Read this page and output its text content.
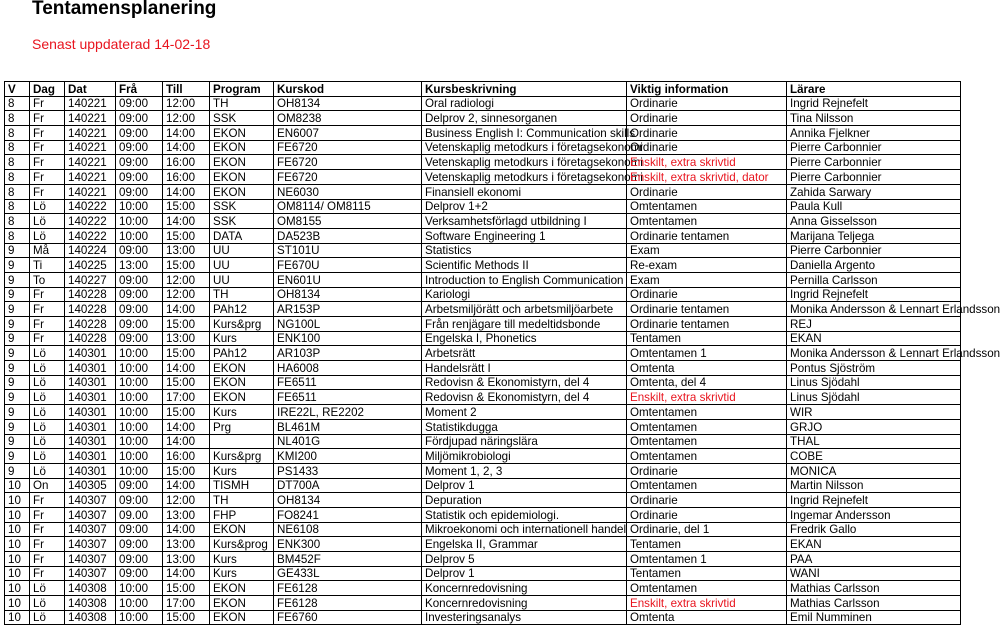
Tentamensplanering

Senast uppdaterad 14-02-18

V	Dag	Dat	Frå	Till	Program	Kurskod	Kursbeskrivning	Viktig information	Lärare
8	Fr	140221	09:00	12:00	TH	OH8134	Oral radiologi	Ordinarie	Ingrid Rejnefelt
8	Fr	140221	09:00	12:00	SSK	OM8238	Delprov 2, sinnesorganen	Ordinarie	Tina Nilsson
8	Fr	140221	09:00	14:00	EKON	EN6007	Business English I: Communication skills	Ordinarie	Annika Fjelkner
8	Fr	140221	09:00	14:00	EKON	FE6720	Vetenskaplig metodkurs i företagsekonomi	Ordinarie	Pierre Carbonnier
8	Fr	140221	09:00	16:00	EKON	FE6720	Vetenskaplig metodkurs i företagsekonomi	Enskilt, extra skrivtid	Pierre Carbonnier
8	Fr	140221	09:00	16:00	EKON	FE6720	Vetenskaplig metodkurs i företagsekonomi	Enskilt, extra skrivtid, dator	Pierre Carbonnier
8	Fr	140221	09:00	14:00	EKON	NE6030	Finansiell ekonomi	Ordinarie	Zahida Sarwary
8	Lö	140222	10:00	15:00	SSK	OM8114/ OM8115	Delprov 1+2	Omtentamen	Paula Kull
8	Lö	140222	10:00	14:00	SSK	OM8155	Verksamhetsförlagd utbildning I	Omtentamen	Anna Gisselsson
8	Lö	140222	10:00	15:00	DATA	DA523B	Software Engineering 1	Ordinarie tentamen	Marijana Teljega
9	Må	140224	09:00	13:00	UU	ST101U	Statistics	Exam	Pierre Carbonnier
9	Ti	140225	13:00	15:00	UU	FE670U	Scientific Methods II	Re-exam	Daniella Argento
9	To	140227	09:00	12:00	UU	EN601U	Introduction to English Communication	Exam	Pernilla Carlsson
9	Fr	140228	09:00	12:00	TH	OH8134	Kariologi	Ordinarie	Ingrid Rejnefelt
9	Fr	140228	09:00	14:00	PAh12	AR153P	Arbetsmiljörätt och arbetsmiljöarbete	Ordinarie tentamen	Monika Andersson & Lennart Erlandsson
9	Fr	140228	09:00	15:00	Kurs&prg	NG100L	Från renjägare till medeltidsbonde	Ordinarie tentamen	REJ
9	Fr	140228	09:00	13:00	Kurs	ENK100	Engelska I, Phonetics	Tentamen	EKAN
9	Lö	140301	10:00	15:00	PAh12	AR103P	Arbetsrätt	Omtentamen 1	Monika Andersson & Lennart Erlandsson
9	Lö	140301	10:00	14:00	EKON	HA6008	Handelsrätt I	Omtenta	Pontus Sjöström
9	Lö	140301	10:00	15:00	EKON	FE6511	Redovisn & Ekonomistyrn, del 4	Omtenta, del 4	Linus Sjödahl
9	Lö	140301	10:00	17:00	EKON	FE6511	Redovisn & Ekonomistyrn, del 4	Enskilt, extra skrivtid	Linus Sjödahl
9	Lö	140301	10:00	15:00	Kurs	IRE22L, RE2202	Moment 2	Omtentamen	WIR
9	Lö	140301	10:00	14:00	Prg	BL461M	Statistikdugga	Omtentamen	GRJO
9	Lö	140301	10:00	14:00		NL401G	Fördjupad näringslära	Omtentamen	THAL
9	Lö	140301	10:00	16:00	Kurs&prg	KMI200	Miljömikrobiologi	Omtentamen	COBE
9	Lö	140301	10:00	15:00	Kurs	PS1433	Moment 1, 2, 3	Ordinarie	MONICA
10	On	140305	09:00	14:00	TISMH	DT700A	Delprov 1	Omtentamen	Martin Nilsson
10	Fr	140307	09:00	12:00	TH	OH8134	Depuration	Ordinarie	Ingrid Rejnefelt
10	Fr	140307	09.00	13:00	FHP	FO8241	Statistik och epidemiologi.	Ordinarie	Ingemar Andersson
10	Fr	140307	09:00	14:00	EKON	NE6108	Mikroekonomi och internationell handel	Ordinarie, del 1	Fredrik Gallo
10	Fr	140307	09:00	13:00	Kurs&prog	ENK300	Engelska II, Grammar	Tentamen	EKAN
10	Fr	140307	09:00	13:00	Kurs	BM452F	Delprov 5	Omtentamen 1	PAA
10	Fr	140307	09:00	14:00	Kurs	GE433L	Delprov 1	Tentamen	WANI
10	Lö	140308	10:00	15:00	EKON	FE6128	Koncernredovisning	Omtentamen	Mathias Carlsson
10	Lö	140308	10:00	17:00	EKON	FE6128	Koncernredovisning	Enskilt, extra skrivtid	Mathias Carlsson
10	Lö	140308	10:00	15:00	EKON	FE6760	Investeringsanalys	Omtenta	Emil Numminen
